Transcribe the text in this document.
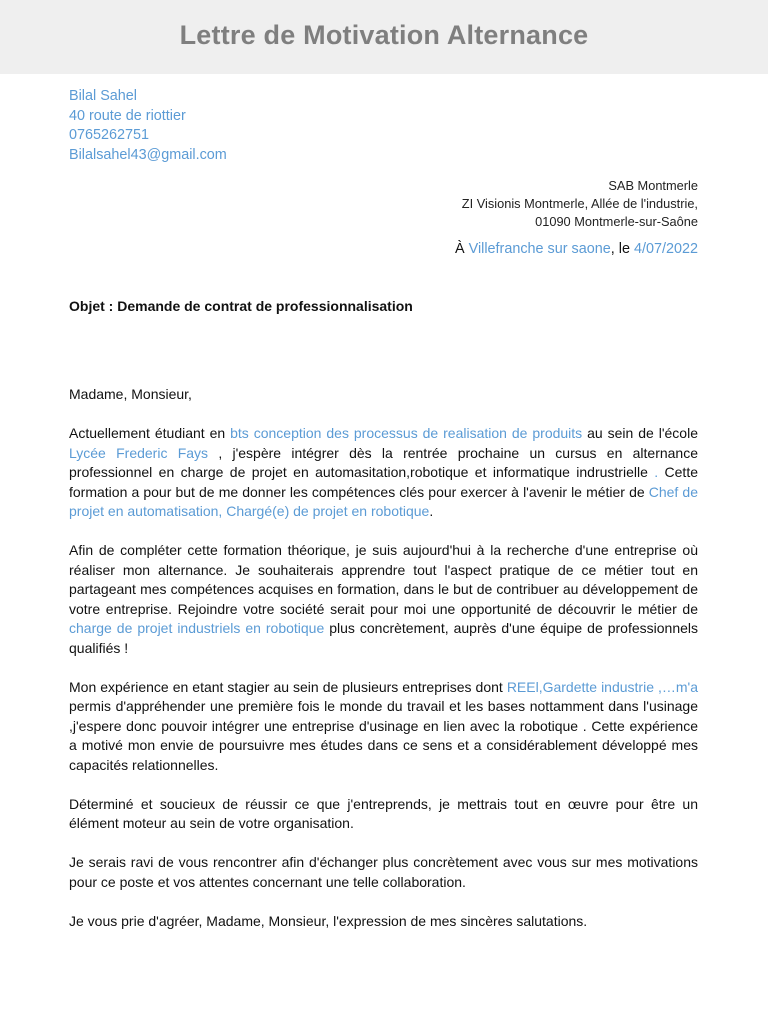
Lettre de Motivation Alternance
Bilal Sahel
40 route de riottier
0765262751
Bilalsahel43@gmail.com
SAB Montmerle
ZI Visionis Montmerle, Allée de l'industrie,
01090 Montmerle-sur-Saône
À Villefranche sur saone, le 4/07/2022
Objet : Demande de contrat de professionnalisation

Madame, Monsieur,

Actuellement étudiant en bts conception des processus de realisation de produits au sein de l'école Lycée Frederic Fays , j'espère intégrer dès la rentrée prochaine un cursus en alternance professionnel en charge de projet en automasitation,robotique et informatique indrustrielle . Cette formation a pour but de me donner les compétences clés pour exercer à l'avenir le métier de Chef de projet en automatisation, Chargé(e) de projet en robotique.

Afin de compléter cette formation théorique, je suis aujourd'hui à la recherche d'une entreprise où réaliser mon alternance. Je souhaiterais apprendre tout l'aspect pratique de ce métier tout en partageant mes compétences acquises en formation, dans le but de contribuer au développement de votre entreprise. Rejoindre votre société serait pour moi une opportunité de découvrir le métier de charge de projet industriels en robotique plus concrètement, auprès d'une équipe de professionnels qualifiés !

Mon expérience en etant stagier au sein de plusieurs entreprises dont REEl,Gardette industrie ,…m'a permis d'appréhender une première fois le monde du travail et les bases nottamment dans l'usinage ,j'espere donc pouvoir intégrer une entreprise d'usinage en lien avec la robotique . Cette expérience a motivé mon envie de poursuivre mes études dans ce sens et a considérablement développé mes capacités relationnelles.

Déterminé et soucieux de réussir ce que j'entreprends, je mettrais tout en œuvre pour être un élément moteur au sein de votre organisation.

Je serais ravi de vous rencontrer afin d'échanger plus concrètement avec vous sur mes motivations pour ce poste et vos attentes concernant une telle collaboration.

Je vous prie d'agréer, Madame, Monsieur, l'expression de mes sincères salutations.
